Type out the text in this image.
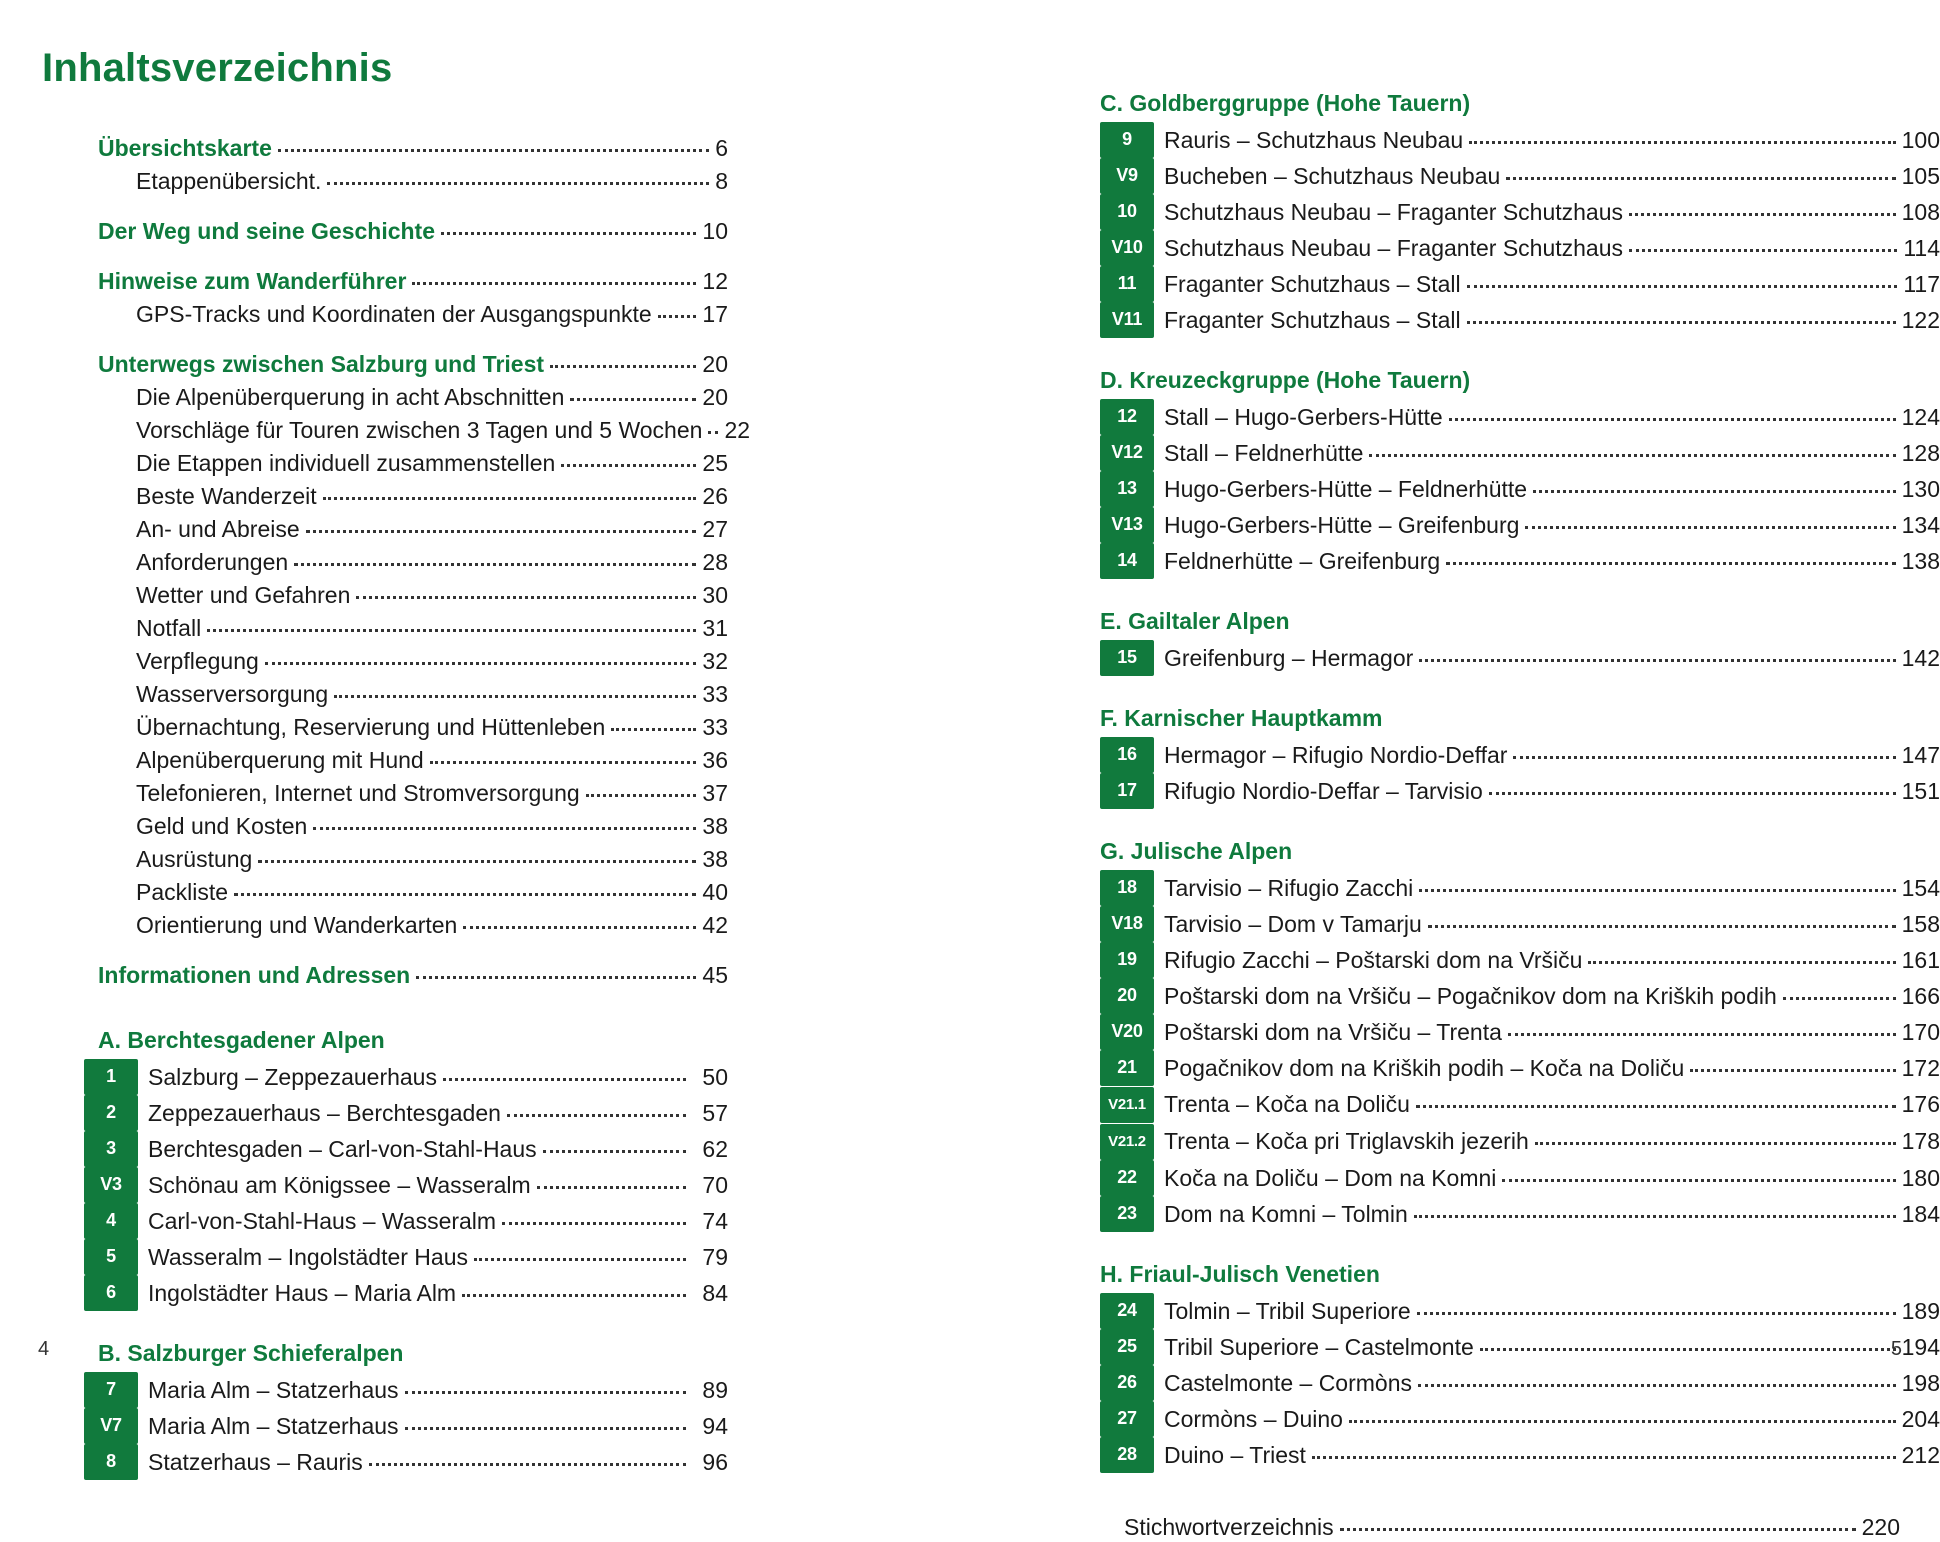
Inhaltsverzeichnis
Übersichtskarte	6
Etappenübersicht.	8
Der Weg und seine Geschichte	10
Hinweise zum Wanderführer	12
GPS-Tracks und Koordinaten der Ausgangspunkte 17
Unterwegs zwischen Salzburg und Triest	20
Die Alpenüberquerung in acht Abschnitten	20
Vorschläge für Touren zwischen 3 Tagen und 5 Wochen 22
Die Etappen individuell zusammenstellen	25
Beste Wanderzeit	26
An- und Abreise	27
Anforderungen	28
Wetter und Gefahren	30
Notfall	31
Verpflegung	32
Wasserversorgung	33
Übernachtung, Reservierung und Hüttenleben	33
Alpenüberquerung mit Hund	36
Telefonieren, Internet und Stromversorgung	37
Geld und Kosten	38
Ausrüstung	38
Packliste	40
Orientierung und Wanderkarten	42
Informationen und Adressen	45
A. Berchtesgadener Alpen
1	Salzburg – Zeppezauerhaus	50
2	Zeppezauerhaus – Berchtesgaden	57
3	Berchtesgaden – Carl-von-Stahl-Haus	62
V3	Schönau am Königssee – Wasseralm	70
4	Carl-von-Stahl-Haus – Wasseralm	74
5	Wasseralm – Ingolstädter Haus	79
6	Ingolstädter Haus – Maria Alm	84
B. Salzburger Schieferalpen
7	Maria Alm – Statzerhaus	89
V7	Maria Alm – Statzerhaus	94
8	Statzerhaus – Rauris	96
4
C. Goldberggruppe (Hohe Tauern)
9	Rauris – Schutzhaus Neubau	100
V9	Bucheben – Schutzhaus Neubau	105
10	Schutzhaus Neubau – Fraganter Schutzhaus	108
V10 Schutzhaus Neubau – Fraganter Schutzhaus	114
11	Fraganter Schutzhaus – Stall	117
V11 Fraganter Schutzhaus – Stall	122
D. Kreuzeckgruppe (Hohe Tauern)
12	Stall – Hugo-Gerbers-Hütte	124
V12 Stall – Feldnerhütte	128
13	Hugo-Gerbers-Hütte – Feldnerhütte	130
V13 Hugo-Gerbers-Hütte – Greifenburg	134
14	Feldnerhütte – Greifenburg	138
E. Gailtaler Alpen
15	Greifenburg – Hermagor	142
F. Karnischer Hauptkamm
16	Hermagor – Rifugio Nordio-Deffar	147
17	Rifugio Nordio-Deffar – Tarvisio	151
G. Julische Alpen
18	Tarvisio – Rifugio Zacchi	154
V18 Tarvisio – Dom v Tamarju	158
19	Rifugio Zacchi – Poštarski dom na Vršiču	161
20	Poštarski dom na Vršiču – Pogačnikov dom na Kriških podih	166
V20 Poštarski dom na Vršiču – Trenta	170
21	Pogačnikov dom na Kriških podih – Koča na Doliču	172
V21.1 Trenta – Koča na Doliču	176
V21.2 Trenta – Koča pri Triglavskih jezerih	178
22	Koča na Doliču – Dom na Komni	180
23	Dom na Komni – Tolmin	184
H. Friaul-Julisch Venetien
24	Tolmin – Tribil Superiore	189
25	Tribil Superiore – Castelmonte	194
26	Castelmonte – Cormòns	198
27	Cormòns – Duino	204
28	Duino – Triest	212
Stichwortverzeichnis	220
5
